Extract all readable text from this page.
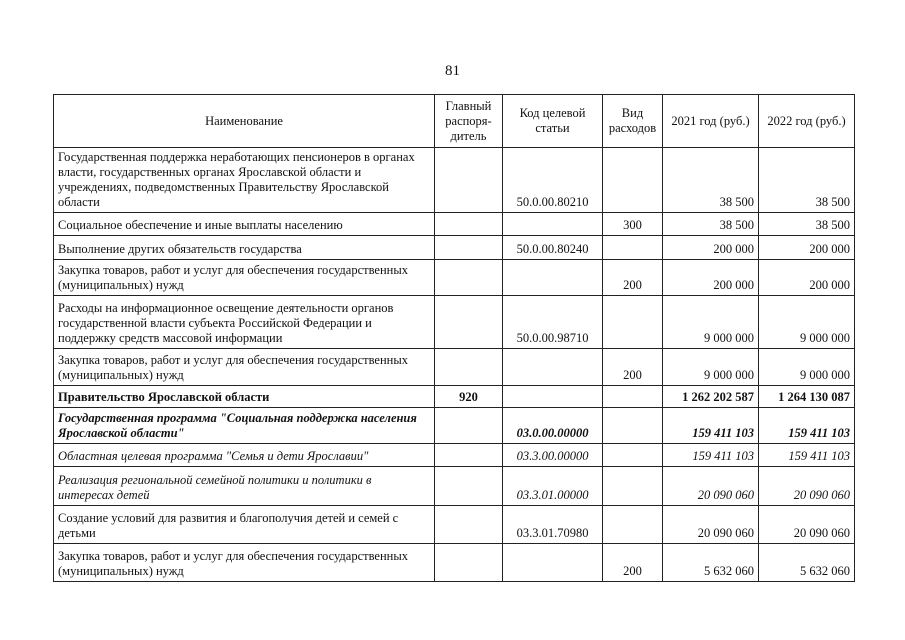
81
Наименование	Главный распоря-дитель	Код целевой статьи	Вид расходов	2021 год (руб.)	2022 год (руб.)
Государственная поддержка неработающих пенсионеров в органах власти, государственных органах Ярославской области и учреждениях, подведомственных Правительству Ярославской области		50.0.00.80210		38 500	38 500
Социальное обеспечение и иные выплаты населению			300	38 500	38 500
Выполнение других обязательств государства		50.0.00.80240		200 000	200 000
Закупка товаров, работ и услуг для обеспечения государственных (муниципальных) нужд			200	200 000	200 000
Расходы на информационное освещение деятельности органов государственной власти субъекта Российской Федерации и поддержку средств массовой информации		50.0.00.98710		9 000 000	9 000 000
Закупка товаров, работ и услуг для обеспечения государственных (муниципальных) нужд			200	9 000 000	9 000 000
Правительство Ярославской области	920			1 262 202 587	1 264 130 087
Государственная программа "Социальная поддержка населения Ярославской области"		03.0.00.00000		159 411 103	159 411 103
Областная целевая программа "Семья и дети Ярославии"		03.3.00.00000		159 411 103	159 411 103
Реализация региональной семейной политики и политики в интересах детей		03.3.01.00000		20 090 060	20 090 060
Создание условий для развития и благополучия детей и семей с детьми		03.3.01.70980		20 090 060	20 090 060
Закупка товаров, работ и услуг для обеспечения государственных (муниципальных) нужд			200	5 632 060	5 632 060
